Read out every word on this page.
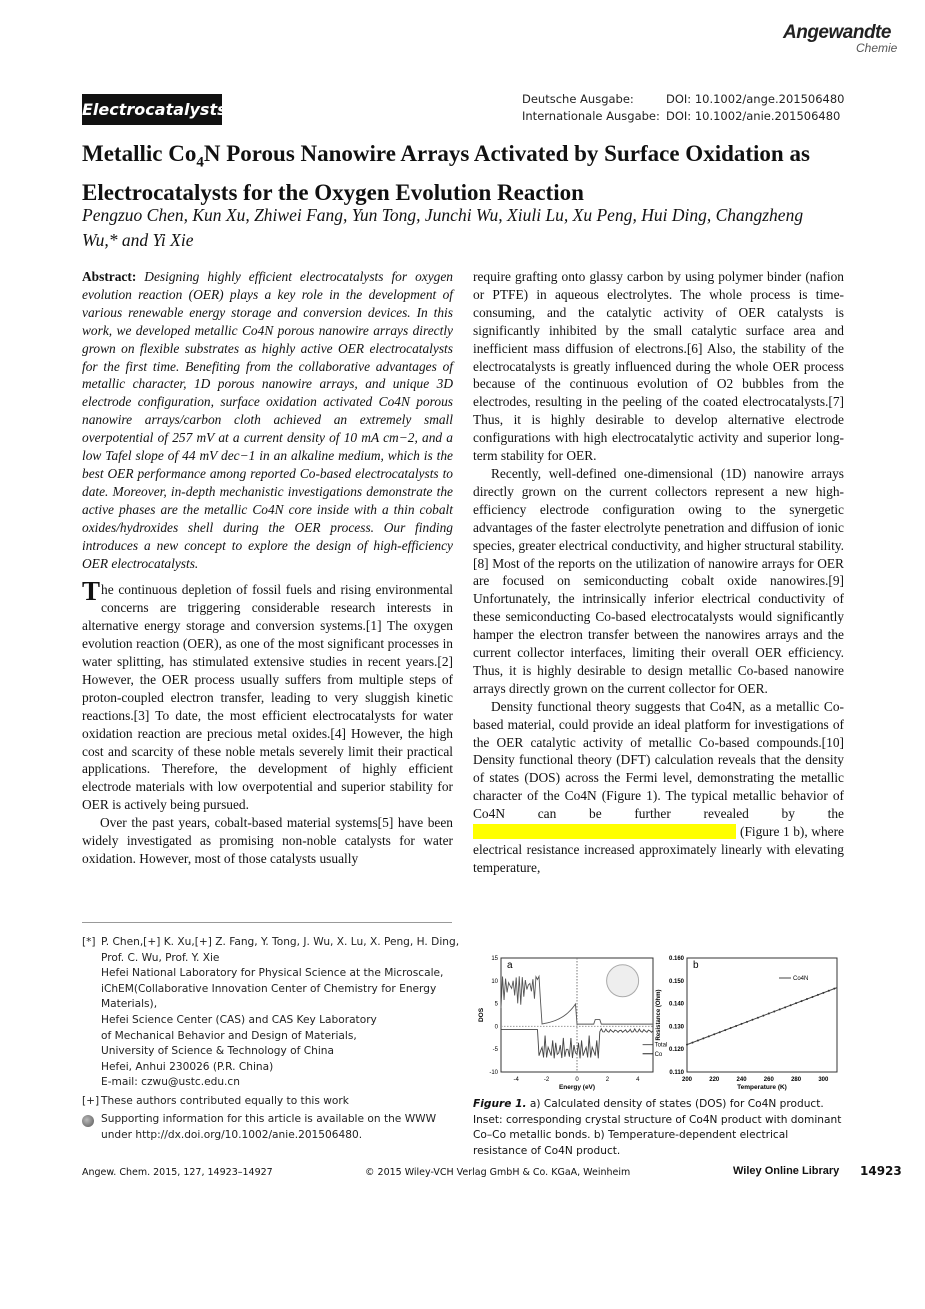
Angewandte
Chemie
Electrocatalysts
Deutsche Ausgabe:	DOI: 10.1002/ange.201506480
Internationale Ausgabe: DOI: 10.1002/anie.201506480
Metallic $Co_4N$ Porous Nanowire Arrays Activated by Surface Oxidation as Electrocatalysts for the Oxygen Evolution Reaction
Pengzuo Chen, Kun Xu, Zhiwei Fang, Yun Tong, Junchi Wu, Xiuli Lu, Xu Peng, Hui Ding, Changzheng Wu,* and Yi Xie

Abstract: Designing highly efficient electrocatalysts for oxygen evolution reaction (OER) plays a key role in the development of various renewable energy storage and conversion devices. In this work, we developed metallic Co4N porous nanowire arrays directly grown on flexible substrates as highly active OER electrocatalysts for the first time. Benefiting from the collaborative advantages of metallic character, 1D porous nanowire arrays, and unique 3D electrode configuration, surface oxidation activated Co4N porous nanowire arrays/carbon cloth achieved an extremely small overpotential of 257 mV at a current density of 10 mA cm−2, and a low Tafel slope of 44 mV dec−1 in an alkaline medium, which is the best OER performance among reported Co-based electrocatalysts to date. Moreover, in-depth mechanistic investigations demonstrate the active phases are the metallic Co4N core inside with a thin cobalt oxides/hydroxides shell during the OER process. Our finding introduces a new concept to explore the design of high-efficiency OER electrocatalysts.

The continuous depletion of fossil fuels and rising environmental concerns are triggering considerable research interests in alternative energy storage and conversion systems.[1] The oxygen evolution reaction (OER), as one of the most significant processes in water splitting, has stimulated extensive studies in recent years.[2] However, the OER process usually suffers from multiple steps of proton-coupled electron transfer, leading to very sluggish kinetic reactions.[3] To date, the most efficient electrocatalysts for water oxidation reaction are precious metal oxides.[4] However, the high cost and scarcity of these noble metals severely limit their practical applications. Therefore, the development of highly efficient electrode materials with low overpotential and superior stability for OER is actively being pursued.

Over the past years, cobalt-based material systems[5] have been widely investigated as promising non-noble catalysts for water oxidation. However, most of those catalysts usually

require grafting onto glassy carbon by using polymer binder (nafion or PTFE) in aqueous electrolytes. The whole process is time-consuming, and the catalytic activity of OER catalysts is significantly inhibited by the small catalytic surface area and inefficient mass diffusion of electrons.[6] Also, the stability of the electrocatalysts is greatly influenced during the whole OER process because of the continuous evolution of O2 bubbles from the electrodes, resulting in the peeling of the coated electrocatalysts.[7] Thus, it is highly desirable to develop alternative electrode configurations with high electrocatalytic activity and superior long-term stability for OER.

Recently, well-defined one-dimensional (1D) nanowire arrays directly grown on the current collectors represent a new high-efficiency electrode configuration owing to the synergetic advantages of the faster electrolyte penetration and diffusion of ionic species, greater electrical conductivity, and higher structural stability.[8] Most of the reports on the utilization of nanowire arrays for OER are focused on semiconducting cobalt oxide nanowires.[9] Unfortunately, the intrinsically inferior electrical conductivity of these semiconducting Co-based electrocatalysts would significantly hamper the electron transfer between the nanowires arrays and the current collector interfaces, limiting their overall OER efficiency. Thus, it is highly desirable to design metallic Co-based nanowire arrays directly grown on the current collector for OER.

Density functional theory suggests that Co4N, as a metallic Co-based material, could provide an ideal platform for investigations of the OER catalytic activity of metallic Co-based compounds.[10] Density functional theory (DFT) calculation reveals that the density of states (DOS) across the Fermi level, demonstrating the metallic character of the Co4N (Figure 1). The typical metallic behavior of Co4N can be further revealed by the                                                                            (Figure 1 b), where electrical resistance increased approximately linearly with elevating temperature,

[*] P. Chen,[+] K. Xu,[+] Z. Fang, Y. Tong, J. Wu, X. Lu, X. Peng, H. Ding,
Prof. C. Wu, Prof. Y. Xie
Hefei National Laboratory for Physical Science at the Microscale,
iChEM(Collaborative Innovation Center of Chemistry for Energy
Materials),
Hefei Science Center (CAS) and CAS Key Laboratory
of Mechanical Behavior and Design of Materials,
University of Science & Technology of China
Hefei, Anhui 230026 (P.R. China)
E-mail: czwu@ustc.edu.cn
[+] These authors contributed equally to this work
Supporting information for this article is available on the WWW
under http://dx.doi.org/10.1002/anie.201506480.
-4	-2	0	2	4
15
10
5
0
-5
-10
Energy (eV)
DOS
a
Total
Co
200	220	240	260	280	300
0.160
0.150
0.140
0.130
0.120
0.110
Temperature (K)
Resistance (Ohm)
b
Co4N
Figure 1. a) Calculated density of states (DOS) for Co4N product. Inset: corresponding crystal structure of Co4N product with dominant Co–Co metallic bonds. b) Temperature-dependent electrical resistance of Co4N product.
Angew. Chem. 2015, 127, 14923–14927	© 2015 Wiley-VCH Verlag GmbH & Co. KGaA, Weinheim	Wiley Online Library 14923
